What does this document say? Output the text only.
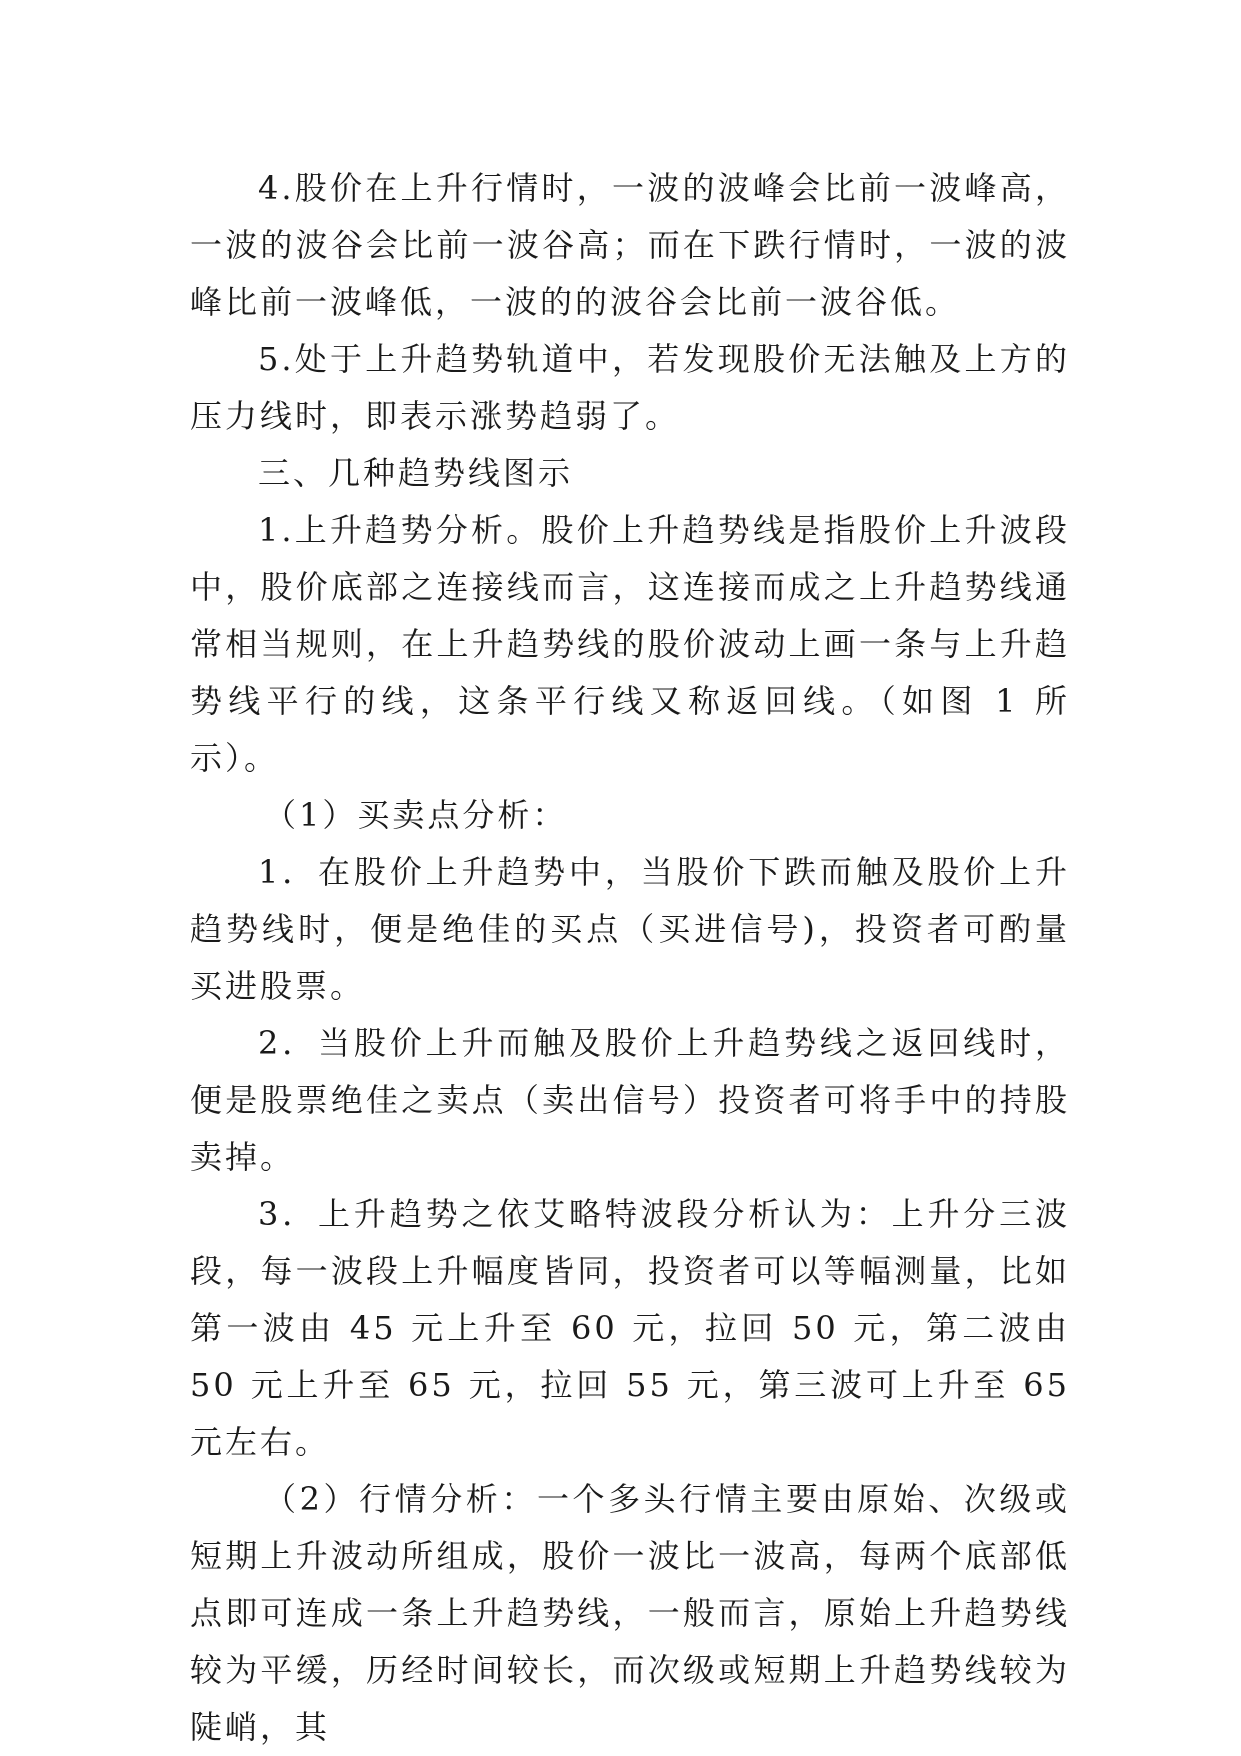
4.股价在上升行情时，一波的波峰会比前一波峰高，一波的波谷会比前一波谷高；而在下跌行情时，一波的波峰比前一波峰低，一波的的波谷会比前一波谷低。

5.处于上升趋势轨道中，若发现股价无法触及上方的压力线时，即表示涨势趋弱了。

三、几种趋势线图示

1.上升趋势分析。股价上升趋势线是指股价上升波段中，股价底部之连接线而言，这连接而成之上升趋势线通常相当规则，在上升趋势线的股价波动上画一条与上升趋势线平行的线，这条平行线又称返回线。（如图 1 所示）。

（1）买卖点分析：

1．在股价上升趋势中，当股价下跌而触及股价上升趋势线时，便是绝佳的买点（买进信号)，投资者可酌量买进股票。

2．当股价上升而触及股价上升趋势线之返回线时，便是股票绝佳之卖点（卖出信号）投资者可将手中的持股卖掉。

3．上升趋势之依艾略特波段分析认为：上升分三波段，每一波段上升幅度皆同，投资者可以等幅测量，比如第一波由 45 元上升至 60 元，拉回 50 元，第二波由 50 元上升至 65 元，拉回 55 元，第三波可上升至 65 元左右。

（2）行情分析：一个多头行情主要由原始、次级或短期上升波动所组成，股价一波比一波高，每两个底部低点即可连成一条上升趋势线，一般而言，原始上升趋势线较为平缓，历经时间较长，而次级或短期上升趋势线较为陡峭，其
